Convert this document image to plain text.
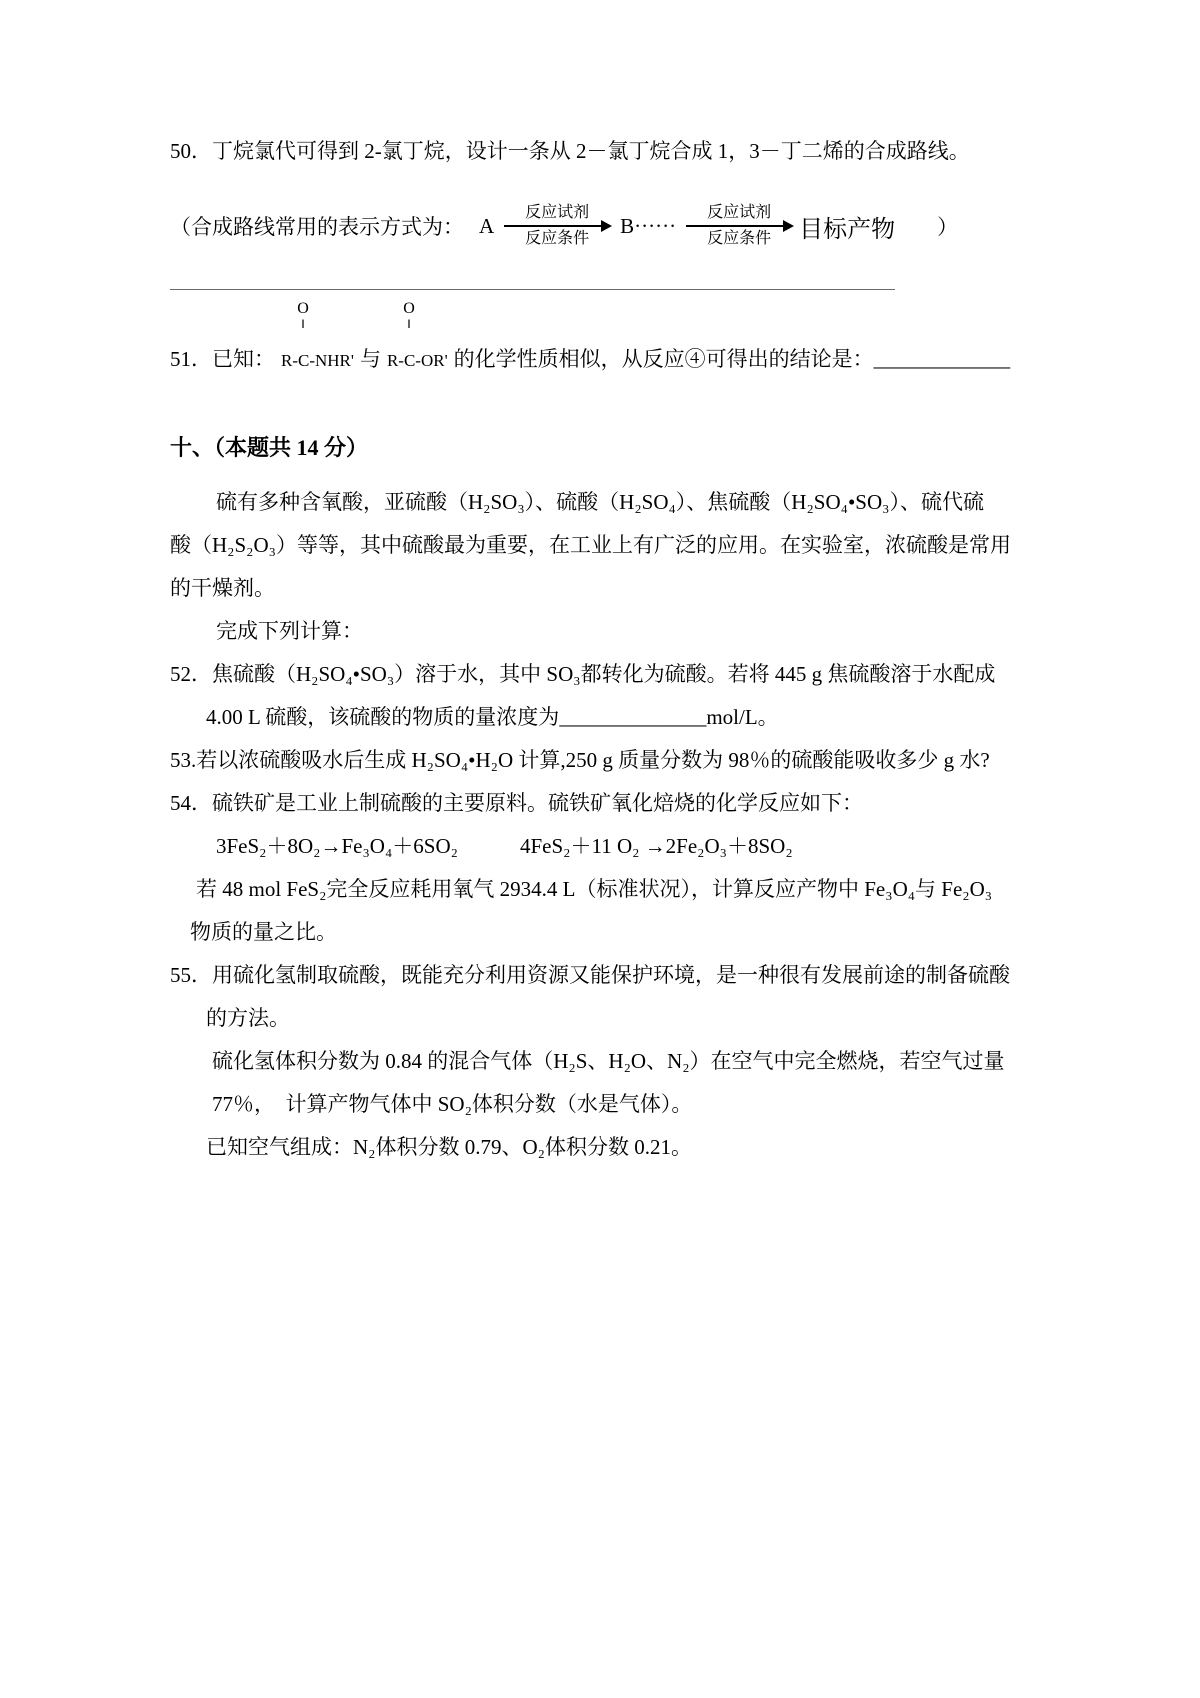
50．丁烷氯代可得到 2-氯丁烷，设计一条从 2－氯丁烷合成 1，3－丁二烯的合成路线。
（合成路线常用的表示方式为： A
反应试剂
反应条件
B······
反应试剂
反应条件 目标产物 ）
51．已知：
O
‖
R-C-NHR' 与
O
‖
R-C-OR' 的化学性质相似，从反应④可得出的结论是：_____________
十、（本题共 14 分）
硫有多种含氧酸，亚硫酸（H₂SO₃）、硫酸（H₂SO₄）、焦硫酸（H₂SO₄•SO₃）、硫代硫
酸（H₂S₂O₃）等等，其中硫酸最为重要，在工业上有广泛的应用。在实验室，浓硫酸是常用
的干燥剂。
完成下列计算：
52．焦硫酸（H₂SO₄•SO₃）溶于水，其中 SO₃都转化为硫酸。若将 445 g 焦硫酸溶于水配成
4.00 L 硫酸，该硫酸的物质的量浓度为______________mol/L。
53.若以浓硫酸吸水后生成 H₂SO₄•H₂O 计算,250 g 质量分数为 98％的硫酸能吸收多少 g 水?
54．硫铁矿是工业上制硫酸的主要原料。硫铁矿氧化焙烧的化学反应如下：
3FeS₂＋8O₂→Fe₃O₄＋6SO₂	4FeS₂＋11 O₂ →2Fe₂O₃＋8SO₂
若 48 mol FeS₂完全反应耗用氧气 2934.4 L（标准状况），计算反应产物中 Fe₃O₄与 Fe₂O₃
物质的量之比。
55．用硫化氢制取硫酸，既能充分利用资源又能保护环境，是一种很有发展前途的制备硫酸
的方法。
硫化氢体积分数为 0.84 的混合气体（H₂S、H₂O、N₂）在空气中完全燃烧，若空气过量
77％，　计算产物气体中 SO₂体积分数（水是气体）。
已知空气组成：N₂体积分数 0.79、O₂体积分数 0.21。
